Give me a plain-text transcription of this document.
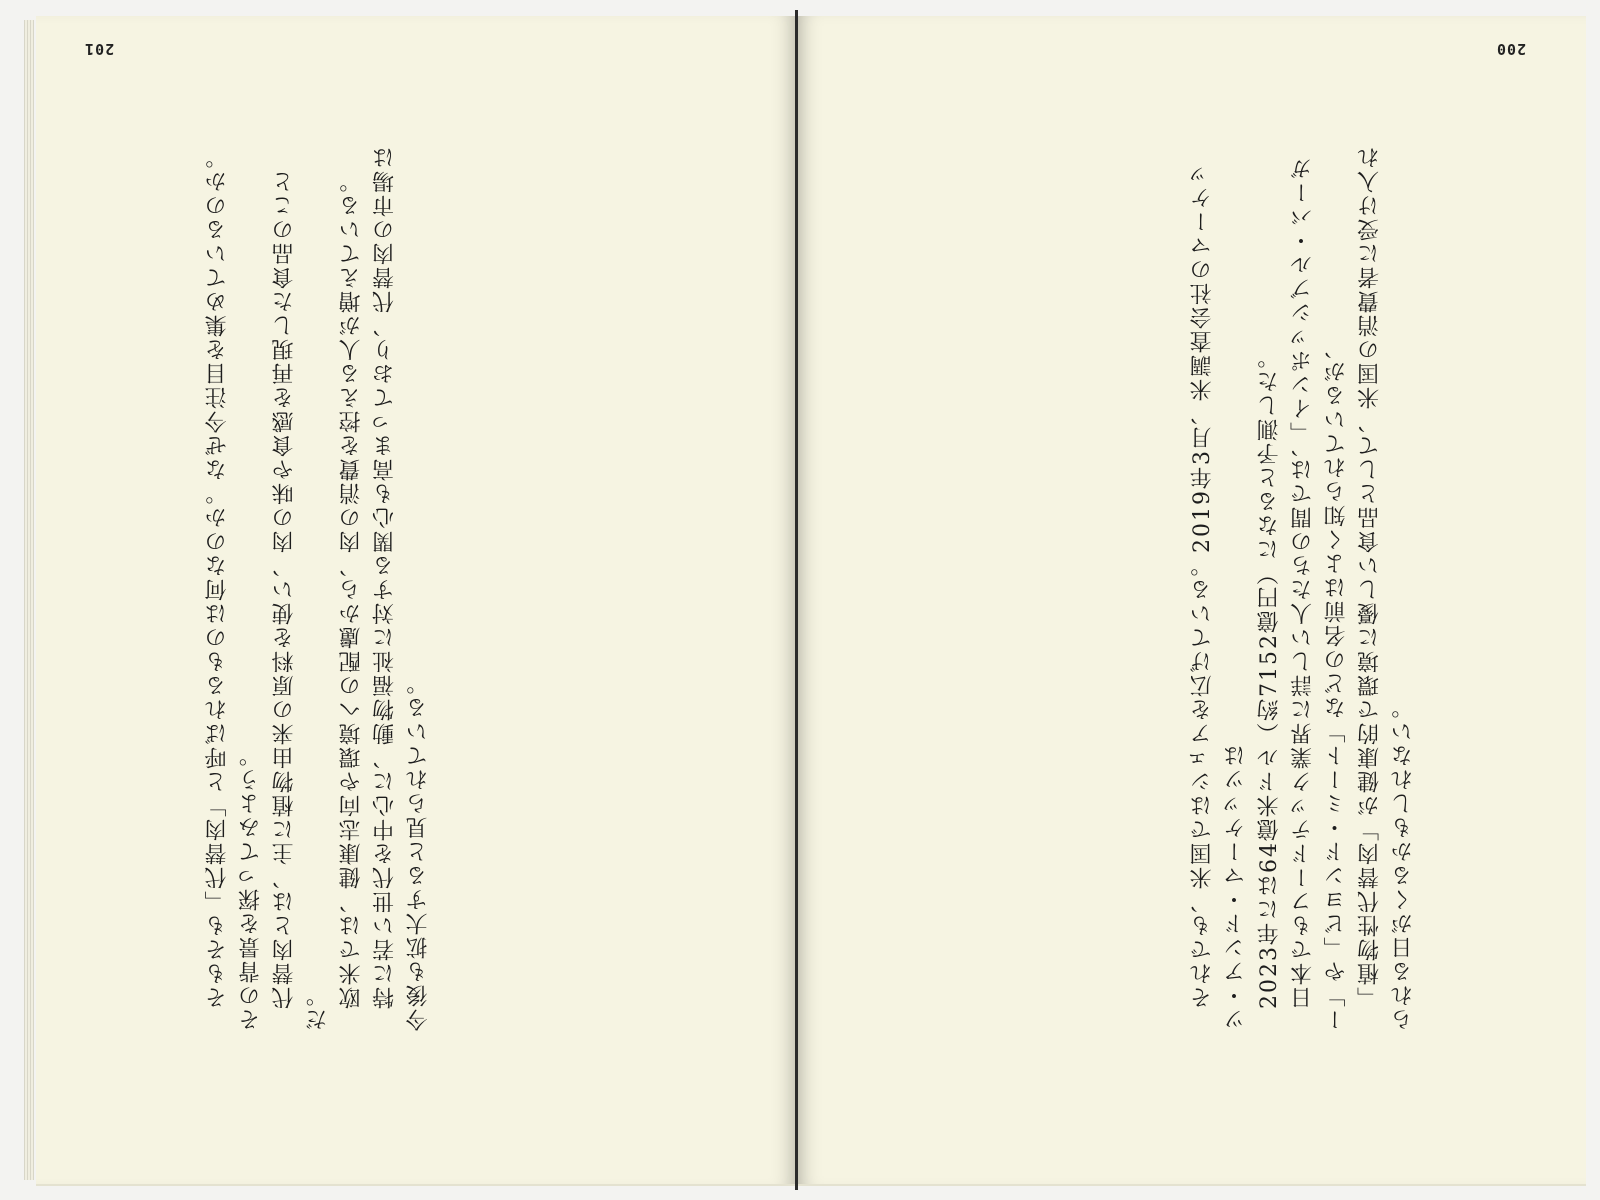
それでも、米国ではシェアを広げている。2019年3月、米調査会社のマーケッツ・アンド・マーケッツは 2023年には64億米ドル（約7152億円）になると予測した。 日本でもフードテック業界に詳しい人たちの間では、「インポッシブル・バーガー」や「ビヨンド・ミート」などの名前はよく知られているが、 「植物性代替肉」が健康的で環境に優しい食品として、米国の消費者に受け入れられる日がくるかもしれない。

200

そもそも「代替肉」と呼ばれるものは何なのか。なぜ今注目を集めているのか。その背景を探ってみよう。 代替肉とは、主に植物由来の原料を使い、肉の味や食感を再現した食品のことだ。 欧米では、健康志向や環境への配慮から、肉の消費を控える人が増えている。 特に若い世代を中心に、動物福祉に対する関心も高まっており、代替肉の市場は今後も拡大すると見られている。

201
